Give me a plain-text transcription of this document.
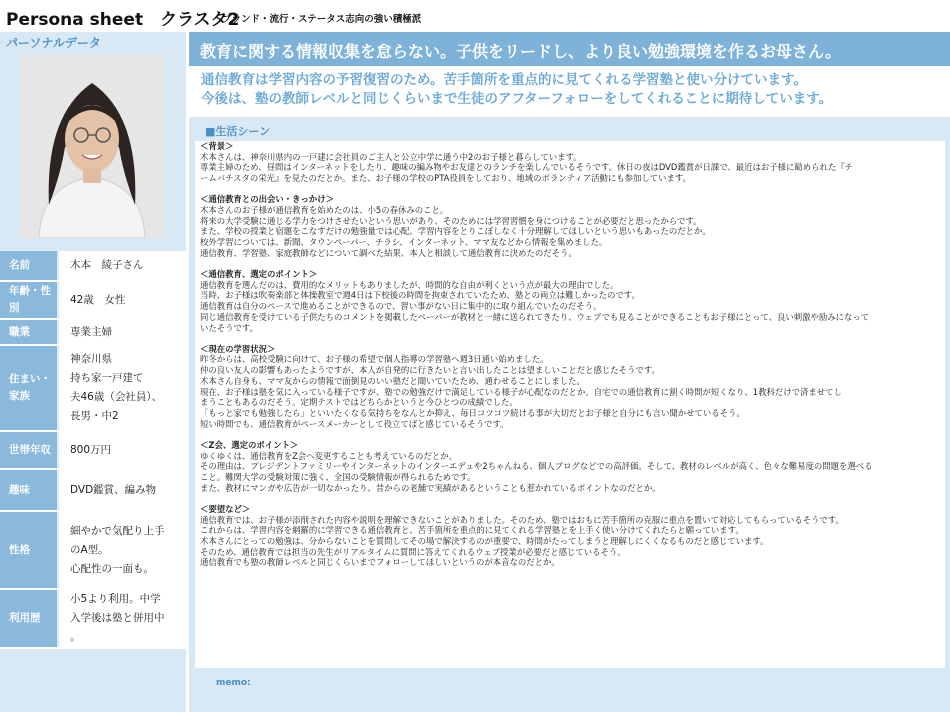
Persona sheet　クラスタ2
ブランド・流行・ステータス志向の強い積極派
パーソナルデータ
名前	木本　綾子さん

年齢・性別	42歳　女性

職業	専業主婦

住まい・家族	神奈川県
持ち家一戸建て
夫46歳（会社員）、
長男・中2

世帯年収	800万円

趣味	DVD鑑賞、編み物

性格	細やかで気配り上手
のA型。
心配性の一面も。

利用歴	小5より利用。中学
入学後は塾と併用中
。
教育に関する情報収集を怠らない。子供をリードし、より良い勉強環境を作るお母さん。
通信教育は学習内容の予習復習のため。苦手箇所を重点的に見てくれる学習塾と使い分けています。
今後は、塾の教師レベルと同じくらいまで生徒のアフターフォローをしてくれることに期待しています。
■生活シーン
＜背景＞
木本さんは、神奈川県内の一戸建に会社員のご主人と公立中学に通う中2のお子様と暮らしています。
専業主婦のため、昼間はインターネットをしたり、趣味の編み物やお友達とのランチを楽しんでいるそうです。休日の夜はDVD鑑賞が日課で、最近はお子様に勧められた『チ
ームバチスタの栄光』を見たのだとか。また、お子様の学校のPTA役員をしており、地域のボランティア活動にも参加しています。
＜通信教育との出会い・きっかけ＞
木本さんのお子様が通信教育を始めたのは、小5の春休みのこと。
将来の大学受験に通じる学力をつけさせたいという思いがあり、そのためには学習習慣を身につけることが必要だと思ったからです。
また、学校の授業と宿題をこなすだけの勉強量では心配。学習内容をとりこぼしなく十分理解してほしいという思いもあったのだとか。
校外学習については、新聞、タウンペーパー、チラシ、インターネット、ママ友などから情報を集めました。
通信教育、学習塾、家庭教師などについて調べた結果、本人と相談して通信教育に決めたのだそう。
＜通信教育、選定のポイント＞
通信教育を選んだのは、費用的なメリットもありましたが、時間的な自由が利くという点が最大の理由でした。
当時、お子様は吹奏楽部と体操教室で週4日は下校後の時間を拘束されていたため、塾との両立は難しかったのです。
通信教育は自分のペースで進めることができるので、習い事がない日に集中的に取り組んでいたのだそう。
同じ通信教育を受けている子供たちのコメントを掲載したペーパーが教材と一緒に送られてきたり、ウェブでも見ることができることもお子様にとって、良い刺激や励みになって
いたそうです。
＜現在の学習状況＞
昨冬からは、高校受験に向けて、お子様の希望で個人指導の学習塾へ週3日通い始めました。
仲の良い友人の影響もあったようですが、本人が自発的に行きたいと言い出したことは望ましいことだと感じたそうです。
木本さん自身も、ママ友からの情報で面倒見のいい塾だと聞いていたため、通わせることにしました。
現在、お子様は塾を気に入っている様子ですが、塾での勉強だけで満足している様子が心配なのだとか。自宅での通信教育に割く時間が短くなり、1教科だけで済ませてし
まうこともあるのだそう。定期テストではどちらかというと今ひとつの成績でした。
「もっと家でも勉強したら」といいたくなる気持ちをなんとか抑え、毎日コツコツ続ける事が大切だとお子様と自分にも言い聞かせているそう。
短い時間でも、通信教育がペースメーカーとして役立てばと感じているそうです。
＜Z会、選定のポイント＞
ゆくゆくは、通信教育をZ会へ変更することも考えているのだとか。
その理由は、プレジデントファミリーやインターネットのインターエデュや2ちゃんねる、個人ブログなどでの高評価。そして、教材のレベルが高く、色々な難易度の問題を選べる
こと。難関大学の受験対策に強く、全国の受験情報が得られるためです。
また、教材にマンガや広告が一切なかったり、昔からの老舗で実績があるということも惹かれているポイントなのだとか。
＜要望など＞
通信教育では、お子様が添削された内容や説明を理解できないことがありました。そのため、塾ではおもに苦手箇所の克服に重点を置いて対応してもらっているそうです。
これからは、学習内容を網羅的に学習できる通信教育と、苦手箇所を重点的に見てくれる学習塾とを上手く使い分けてくれたらと願っています。
木本さんにとっての勉強は、分からないことを質問してその場で解決するのが重要で、時間がたってしまうと理解しにくくなるものだと感じています。
そのため、通信教育では担当の先生がリアルタイムに質問に答えてくれるウェブ授業が必要だと感じているそう。
通信教育でも塾の教師レベルと同じくらいまでフォローしてほしいというのが本音なのだとか。
memo:
